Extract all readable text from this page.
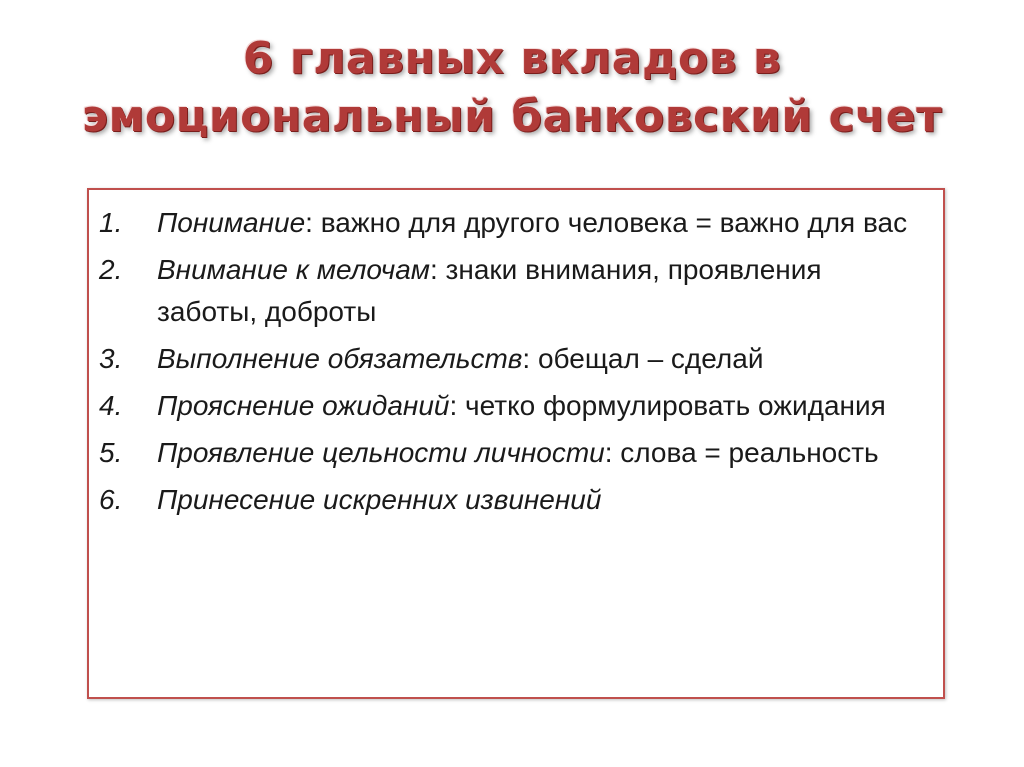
6 главных вкладов в
эмоциональный банковский счет
1.	Понимание: важно для другого человека = важно для вас
2.	Внимание к мелочам: знаки внимания, проявления заботы, доброты
3.	Выполнение обязательств: обещал – сделай
4.	Прояснение ожиданий: четко формулировать ожидания
5.	Проявление цельности личности: слова = реальность
6.	Принесение искренних извинений
